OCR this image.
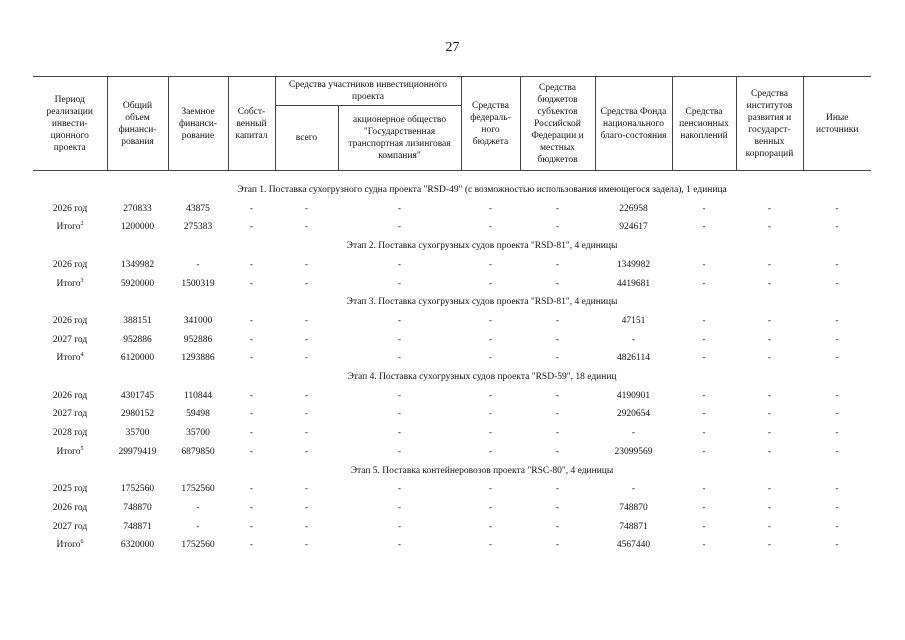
27
Период реализации инвести-ционного проекта	Общий объем финанси-рования	Заемное финанси-рование	Собст-венный капитал	Средства участников инвестиционного проекта		Средства федераль-ного бюджета	Средства бюджетов субъектов Российской Федерации и местных бюджетов	Средства Фонда национального благо-состояния	Средства пенсионных накоплений	Средства институтов развития и государст-венных корпораций	Иные источники
				всего	акционерное общество "Государственная транспортная лизинговая компания"						

Этап 1. Поставка сухогрузного судна проекта "RSD-49" (с возможностью использования имеющегося задела), 1 единица											
2026 год	270833	43875	-	-	-	-	-	226958	-	-	-
Итого$^2$	1200000	275383	-	-	-	-	-	924617	-	-	-
Этап 2. Поставка сухогрузных судов проекта "RSD-81", 4 единицы											
2026 год	1349982	-	-	-	-	-	-	1349982	-	-	-
Итого$^3$	5920000	1500319	-	-	-	-	-	4419681	-	-	-
Этап 3. Поставка сухогрузных судов проекта "RSD-81", 4 единицы											
2026 год	388151	341000	-	-	-	-	-	47151	-	-	-
2027 год	952886	952886	-	-	-	-	-	-	-	-	-
Итого$^4$	6120000	1293886	-	-	-	-	-	4826114	-	-	-
Этап 4. Поставка сухогрузных судов проекта "RSD-59", 18 единиц											
2026 год	4301745	110844	-	-	-	-	-	4190901	-	-	-
2027 год	2980152	59498	-	-	-	-	-	2920654	-	-	-
2028 год	35700	35700	-	-	-	-	-	-	-	-	-
Итого$^5$	29979419	6879850	-	-	-	-	-	23099569	-	-	-
Этап 5. Поставка контейнеровозов проекта "RSC-80", 4 единицы											
2025 год	1752560	1752560	-	-	-	-	-	-	-	-	-
2026 год	748870	-	-	-	-	-	-	748870	-	-	-
2027 год	748871	-	-	-	-	-	-	748871	-	-	-
Итого$^6$	6320000	1752560	-	-	-	-	-	4567440	-	-	-
